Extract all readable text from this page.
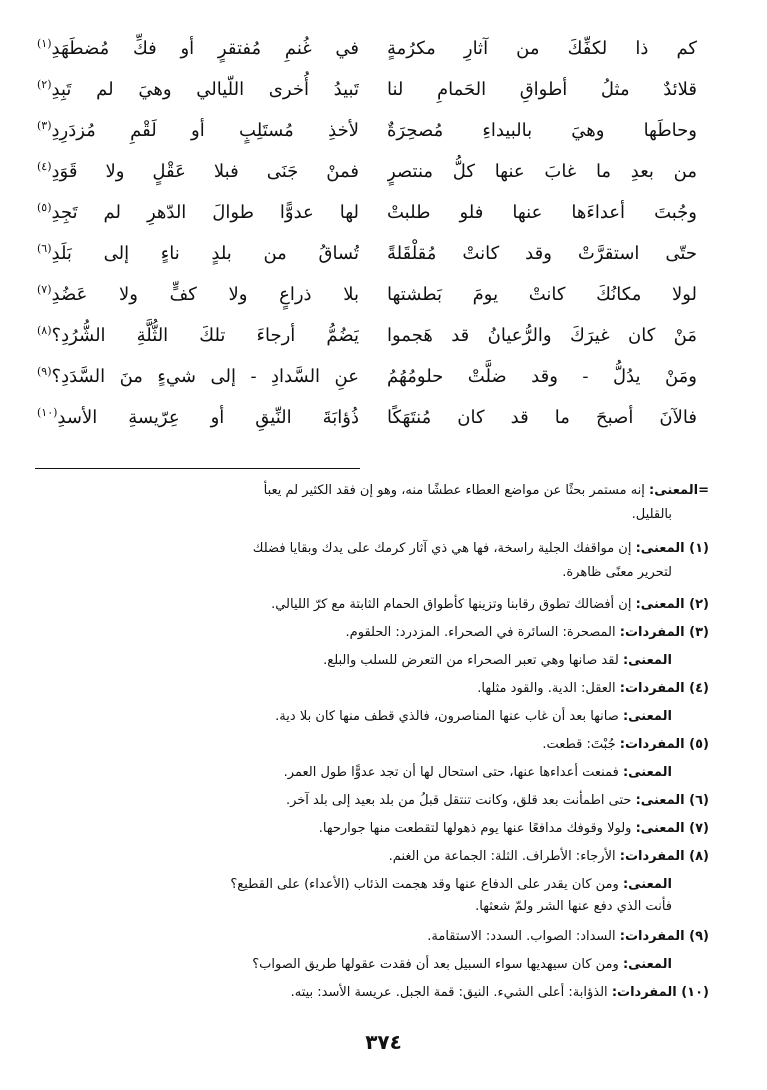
كم ذا لكفِّكَ من آثارِ مكرُمةٍ
في غُنمِ مُفتقرٍ أو فكِّ مُضطَهَدِ$^{(١)}$
قلائدٌ مثلُ أطواقِ الحَمامِ لنا
تَبيدُ أُخرى اللّيالي وهيَ لم تَبِدِ$^{(٢)}$
وحاطَها وهيَ بالبيداءِ مُصحِرَةٌ
لأخذِ مُستَلِبٍ أو لَقْمِ مُزدَرِدِ$^{(٣)}$
من بعدِ ما غابَ عنها كلُّ منتصرٍ
فمنْ جَنَى فبلا عَقْلٍ ولا قَوَدِ$^{(٤)}$
وجُبتَ أعداءَها عنها فلو طلبتْ
لها عدوًّا طوالَ الدّهرِ لم تَجِدِ$^{(٥)}$
حتّى استقرَّتْ وقد كانتْ مُقلْقَلةً
تُساقُ من بلدٍ ناءٍ إلى بَلَدِ$^{(٦)}$
لولا مكانُكَ كانتْ يومَ بَطشتها
بلا ذراعٍ ولا كفٍّ ولا عَضُدِ$^{(٧)}$
مَنْ كان غيرَكَ والرُّعيانُ قد هَجموا
يَضُمُّ أرجاءَ تلكَ الثُّلَّةِ الشُّرُدِ؟$^{(٨)}$
ومَنْ يدُلُّ - وقد ضلَّتْ حلومُهُمُ
عنِ السَّدادِ - إلى شيءٍ منَ السَّدَدِ؟$^{(٩)}$
فالآنَ أصبحَ ما قد كان مُنتَهَكًا
ذُؤابَةَ النِّيقِ أو عِرّيسةِ الأسدِ$^{(١٠)}$
=المعنى: إنه مستمر بحثًا عن مواضع العطاء عطشًا منه، وهو إن فقد الكثير لم يعبأ
بالقليل.
(١) المعنى: إن مواقفك الجلية راسخة، فها هي ذي آثار كرمك على يدك وبقايا فضلك
لتحرير معنًى ظاهرة.
(٢) المعنى: إن أفضالك تطوق رقابنا وتزينها كأطواق الحمام الثابتة مع كرّ الليالي.
(٣) المفردات: المصحرة: السائرة في الصحراء. المزدرد: الحلقوم.
المعنى: لقد صانها وهي تعبر الصحراء من التعرض للسلب والبلع.
(٤) المفردات: العقل: الدية. والقود مثلها.
المعنى: صانها بعد أن غاب عنها المناصرون، فالذي قطف منها كان بلا دية.
(٥) المفردات: جُبْتَ: قطعت.
المعنى: فمنعت أعداءها عنها، حتى استحال لها أن تجد عدوًّا طول العمر.
(٦) المعنى: حتى اطمأنت بعد قلق، وكانت تنتقل قبلُ من بلد بعيد إلى بلد آخر.
(٧) المعنى: ولولا وقوفك مدافعًا عنها يوم ذهولها لتقطعت منها جوارحها.
(٨) المفردات: الأرجاء: الأطراف. الثلة: الجماعة من الغنم.
المعنى: ومن كان يقدر على الدفاع عنها وقد هجمت الذئاب (الأعداء) على القطيع؟
فأنت الذي دفع عنها الشر ولمّ شعثها.
(٩) المفردات: السداد: الصواب. السدد: الاستقامة.
المعنى: ومن كان سيهديها سواء السبيل بعد أن فقدت عقولها طريق الصواب؟
(١٠) المفردات: الذؤابة: أعلى الشيء. النيق: قمة الجبل. عريسة الأسد: بيته.
٣٧٤
